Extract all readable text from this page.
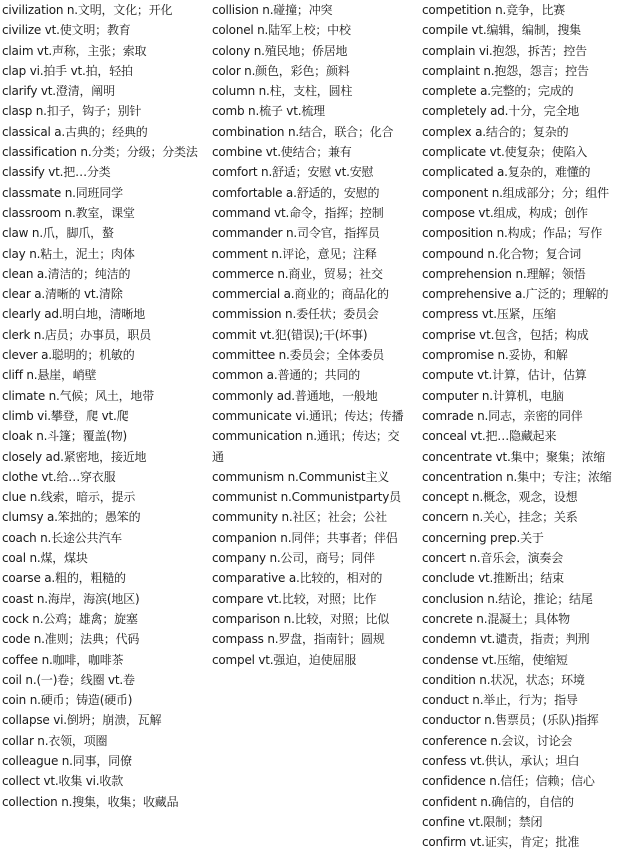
civilization n.文明，文化；开化
civilize vt.使文明；教育
claim vt.声称，主张；索取
clap vi.拍手 vt.拍，轻拍
clarify vt.澄清，阐明
clasp n.扣子，钩子；别针
classical a.古典的；经典的
classification n.分类；分级；分类法
classify vt.把…分类
classmate n.同班同学
classroom n.教室，课堂
claw n.爪，脚爪，螯
clay n.粘土，泥土；肉体
clean a.清洁的；纯洁的
clear a.清晰的 vt.清除
clearly ad.明白地，清晰地
clerk n.店员；办事员，职员
clever a.聪明的；机敏的
cliff n.悬崖，峭壁
climate n.气候；风土，地带
climb vi.攀登，爬 vt.爬
cloak n.斗篷；覆盖(物)
closely ad.紧密地，接近地
clothe vt.给…穿衣服
clue n.线索，暗示，提示
clumsy a.笨拙的；愚笨的
coach n.长途公共汽车
coal n.煤，煤块
coarse a.粗的，粗糙的
coast n.海岸，海滨(地区)
cock n.公鸡；雄禽；旋塞
code n.准则；法典；代码
coffee n.咖啡，咖啡茶
coil n.(一)卷；线圈 vt.卷
coin n.硬币；铸造(硬币)
collapse vi.倒坍；崩溃，瓦解
collar n.衣领，项圈
colleague n.同事，同僚
collect vt.收集 vi.收款
collection n.搜集，收集；收藏品
collision n.碰撞；冲突
colonel n.陆军上校；中校
colony n.殖民地；侨居地
color n.颜色，彩色；颜料
column n.柱，支柱，圆柱
comb n.梳子 vt.梳理
combination n.结合，联合；化合
combine vt.使结合；兼有
comfort n.舒适；安慰 vt.安慰
comfortable a.舒适的，安慰的
command vt.命令，指挥；控制
commander n.司令官，指挥员
comment n.评论，意见；注释
commerce n.商业，贸易；社交
commercial a.商业的；商品化的
commission n.委任状；委员会
commit vt.犯(错误);干(坏事)
committee n.委员会；全体委员
common a.普通的；共同的
commonly ad.普通地，一般地
communicate vi.通讯；传达；传播
communication n.通讯；传达；交通
communism n.Communist主义
communist n.Communistparty员
community n.社区；社会；公社
companion n.同伴；共事者；伴侣
company n.公司，商号；同伴
comparative a.比较的，相对的
compare vt.比较，对照；比作
comparison n.比较，对照；比似
compass n.罗盘，指南针；圆规
compel vt.强迫，迫使屈服
competition n.竞争，比赛
compile vt.编辑，编制，搜集
complain vi.抱怨，拆苦；控告
complaint n.抱怨，怨言；控告
complete a.完整的；完成的
completely ad.十分，完全地
complex a.结合的；复杂的
complicate vt.使复杂；使陷入
complicated a.复杂的，难懂的
component n.组成部分；分；组件
compose vt.组成，构成；创作
composition n.构成；作品；写作
compound n.化合物；复合词
comprehension n.理解；领悟
comprehensive a.广泛的；理解的
compress vt.压紧，压缩
comprise vt.包含，包括；构成
compromise n.妥协，和解
compute vt.计算，估计，估算
computer n.计算机，电脑
comrade n.同志，亲密的同伴
conceal vt.把…隐藏起来
concentrate vt.集中；聚集；浓缩
concentration n.集中；专注；浓缩
concept n.概念，观念，设想
concern n.关心，挂念；关系
concerning prep.关于
concert n.音乐会，演奏会
conclude vt.推断出；结束
conclusion n.结论，推论；结尾
concrete n.混凝土；具体物
condemn vt.谴责，指责；判刑
condense vt.压缩，使缩短
condition n.状况，状态；环境
conduct n.举止，行为；指导
conductor n.售票员；(乐队)指挥
conference n.会议，讨论会
confess vt.供认，承认；坦白
confidence n.信任；信赖；信心
confident n.确信的，自信的
confine vt.限制；禁闭
confirm vt.证实，肯定；批准
